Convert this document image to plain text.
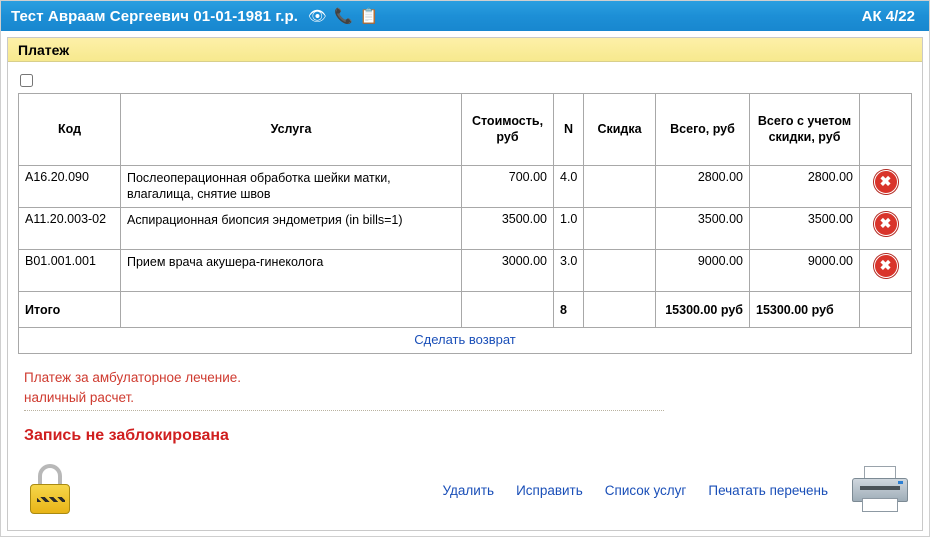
Тест Авраам Сергеевич 01-01-1981 г.р. 👁 📞 📋	АК 4/22
Платеж
Код	Услуга	Стоимость, руб	N	Скидка	Всего, руб	Всего с учетом скидки, руб	
А16.20.090	Послеоперационная обработка шейки матки, влагалища, снятие швов	700.00	4.0		2800.00	2800.00	✖
А11.20.003-02	Аспирационная биопсия эндометрия (in bills=1)	3500.00	1.0		3500.00	3500.00	✖
В01.001.001	Прием врача акушера-гинеколога	3000.00	3.0		9000.00	9000.00	✖
Итого			8		15300.00 руб	15300.00 руб	
Сделать возврат							
Платеж за амбулаторное лечение.
наличный расчет.
Запись не заблокирована
Удалить Исправить Список услуг Печатать перечень
